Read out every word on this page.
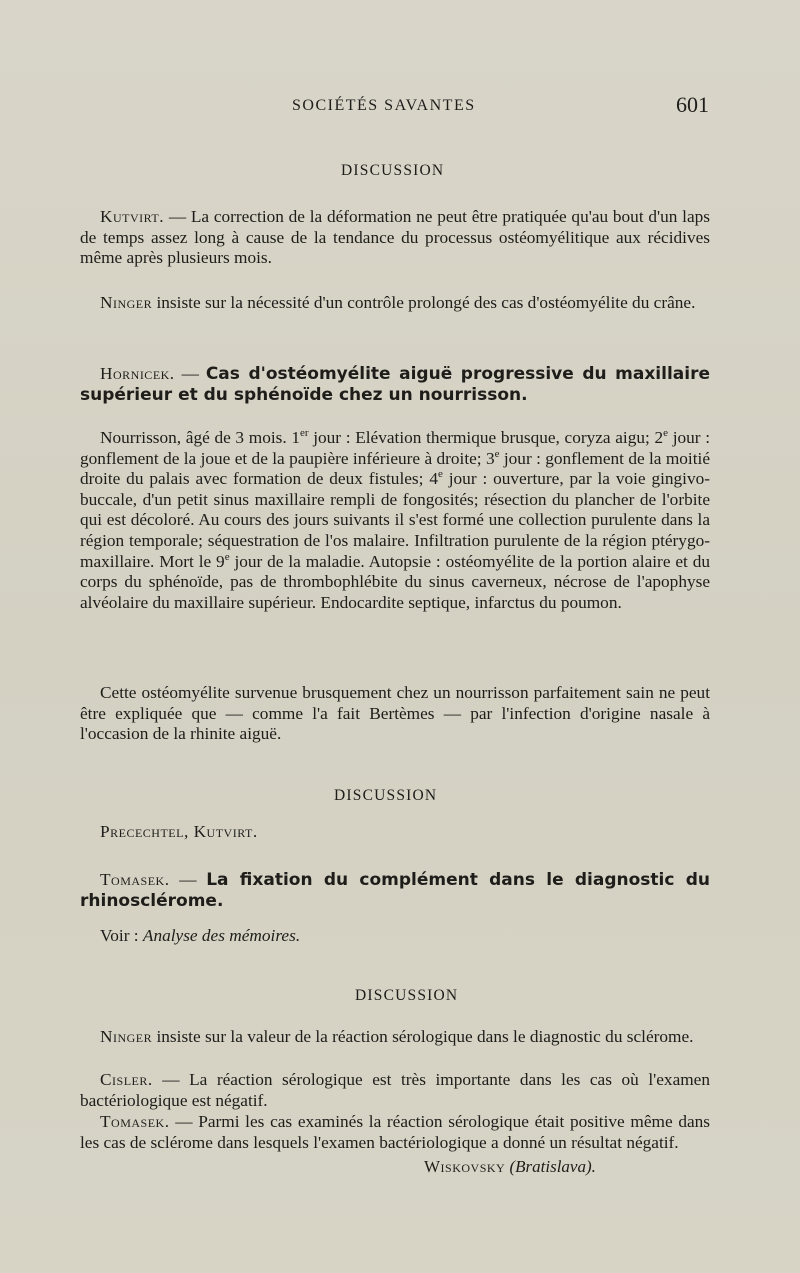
SOCIÉTÉS SAVANTES	601
DISCUSSION
Kutvirt. — La correction de la déformation ne peut être pratiquée qu'au bout d'un laps de temps assez long à cause de la tendance du processus ostéomyélitique aux récidives même après plusieurs mois.
Ninger insiste sur la nécessité d'un contrôle prolongé des cas d'ostéomyélite du crâne.
Hornicek. — Cas d'ostéomyélite aiguë progressive du maxillaire supérieur et du sphénoïde chez un nourrisson.
Nourrisson, âgé de 3 mois. 1er jour : Elévation thermique brusque, coryza aigu; 2e jour : gonflement de la joue et de la paupière inférieure à droite; 3e jour : gonflement de la moitié droite du palais avec formation de deux fistules; 4e jour : ouverture, par la voie gingivo-buccale, d'un petit sinus maxillaire rempli de fongosités; résection du plancher de l'orbite qui est décoloré. Au cours des jours suivants il s'est formé une collection purulente dans la région temporale; séquestration de l'os malaire. Infiltration purulente de la région ptérygo-maxillaire. Mort le 9e jour de la maladie. Autopsie : ostéomyélite de la portion alaire et du corps du sphénoïde, pas de thrombophlébite du sinus caverneux, nécrose de l'apophyse alvéolaire du maxillaire supérieur. Endocardite septique, infarctus du poumon.
Cette ostéomyélite survenue brusquement chez un nourrisson parfaitement sain ne peut être expliquée que — comme l'a fait Bertèmes — par l'infection d'origine nasale à l'occasion de la rhinite aiguë.
DISCUSSION
Precechtel, Kutvirt.
Tomasek. — La fixation du complément dans le diagnostic du rhinosclérome.
Voir : Analyse des mémoires.
DISCUSSION
Ninger insiste sur la valeur de la réaction sérologique dans le diagnostic du sclérome.
Cisler. — La réaction sérologique est très importante dans les cas où l'examen bactériologique est négatif.
Tomasek. — Parmi les cas examinés la réaction sérologique était positive même dans les cas de sclérome dans lesquels l'examen bactériologique a donné un résultat négatif.
Wiskovsky (Bratislava).
